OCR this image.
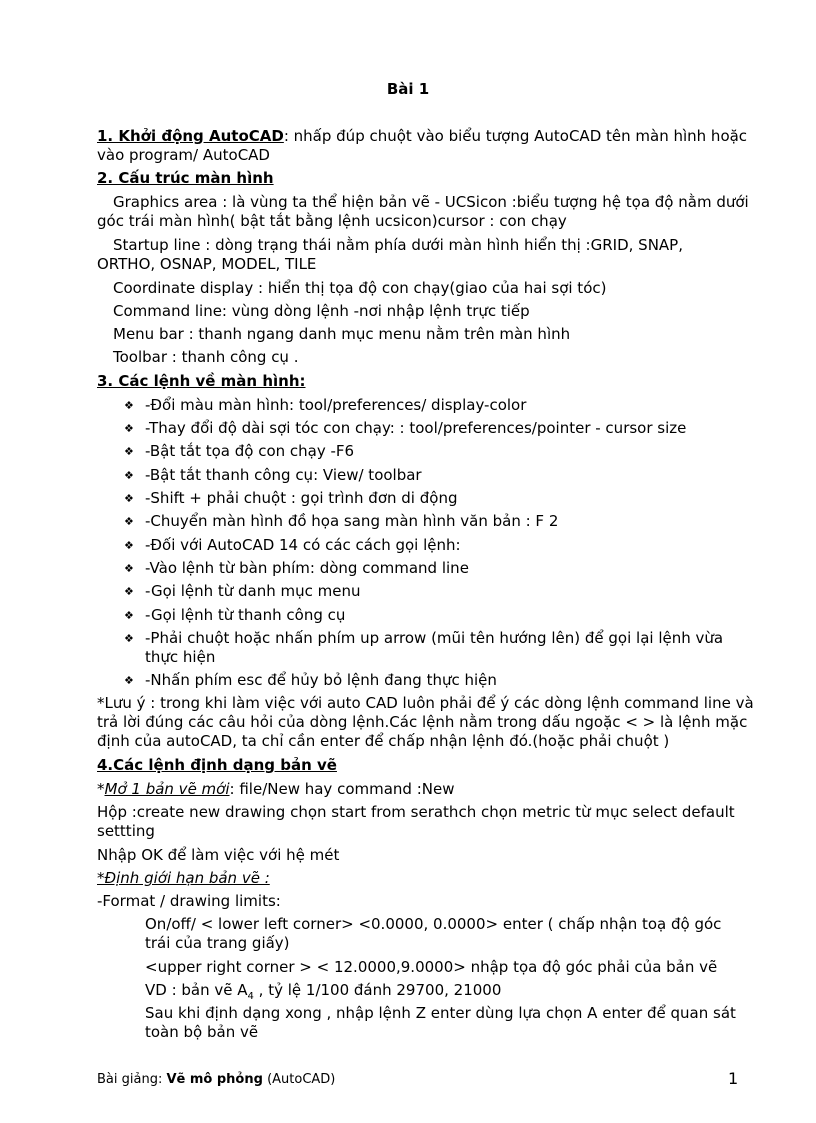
Bài 1
1. Khởi động AutoCAD: nhấp đúp chuột vào biểu tượng AutoCAD tên màn hình hoặc
vào program/ AutoCAD
2. Cấu trúc màn hình
Graphics area : là vùng ta thể hiện bản vẽ - UCSicon :biểu tượng hệ tọa độ nằm dưới
góc trái màn hình( bật tắt bằng lệnh ucsicon)cursor : con chạy
Startup line : dòng trạng thái nằm phía dưới màn hình hiển thị :GRID, SNAP,
ORTHO, OSNAP, MODEL, TILE
Coordinate display : hiển thị tọa độ con chạy(giao của hai sợi tóc)
Command line: vùng dòng lệnh -nơi nhập lệnh trực tiếp
Menu bar : thanh ngang danh mục menu nằm trên màn hình
Toolbar : thanh công cụ .
3. Các lệnh về màn hình:
❖ -Đổi màu màn hình: tool/preferences/ display-color
❖ -Thay đổi độ dài sợi tóc con chạy: : tool/preferences/pointer - cursor size
❖ -Bật tắt tọa độ con chạy -F6
❖ -Bật tắt thanh công cụ: View/ toolbar
❖ -Shift + phải chuột : gọi trình đơn di động
❖ -Chuyển màn hình đồ họa sang màn hình văn bản : F 2
❖ -Đối với AutoCAD 14 có các cách gọi lệnh:
❖ -Vào lệnh từ bàn phím: dòng command line
❖ -Gọi lệnh từ danh mục menu
❖ -Gọi lệnh từ thanh công cụ
❖ -Phải chuột hoặc nhấn phím up arrow (mũi tên hướng lên) để gọi lại lệnh vừa
thực hiện
❖ -Nhấn phím esc để hủy bỏ lệnh đang thực hiện
*Lưu ý : trong khi làm việc với auto CAD luôn phải để ý các dòng lệnh command line và
trả lời đúng các câu hỏi của dòng lệnh.Các lệnh nằm trong dấu ngoặc < > là lệnh mặc
định của autoCAD, ta chỉ cần enter để chấp nhận lệnh đó.(hoặc phải chuột )
4.Các lệnh định dạng bản vẽ
*Mở 1 bản vẽ mới: file/New hay command :New
Hộp :create new drawing chọn start from serathch chọn metric từ mục select default
settting
Nhập OK để làm việc với hệ mét
*Định giới hạn bản vẽ :
-Format / drawing limits:
On/off/ < lower left corner> <0.0000, 0.0000> enter ( chấp nhận toạ độ góc
trái của trang giấy)
<upper right corner > < 12.0000,9.0000> nhập tọa độ góc phải của bản vẽ
VD : bản vẽ $A_4$ , tỷ lệ 1/100 đánh 29700, 21000
Sau khi định dạng xong , nhập lệnh Z enter dùng lựa chọn A enter để quan sát
toàn bộ bản vẽ
Bài giảng: Vẽ mô phỏng (AutoCAD)	1
